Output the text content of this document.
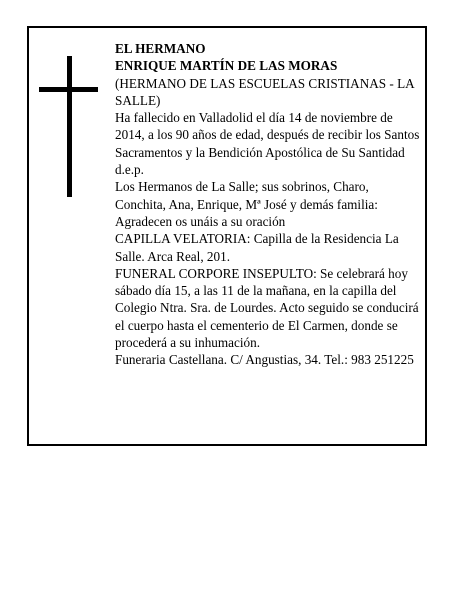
EL HERMANO

ENRIQUE MARTÍN DE LAS MORAS

(HERMANO DE LAS ESCUELAS CRISTIANAS - LA SALLE)

Ha fallecido en Valladolid el día 14 de noviembre de 2014, a los 90 años de edad, después de recibir los Santos Sacramentos y la Bendición Apostólica de Su Santidad

d.e.p.

Los Hermanos de La Salle; sus sobrinos, Charo, Conchita, Ana, Enrique, Mª José y demás familia:

Agradecen os unáis a su oración

CAPILLA VELATORIA: Capilla de la Residencia La Salle. Arca Real, 201.

FUNERAL CORPORE INSEPULTO: Se celebrará hoy sábado día 15, a las 11 de la mañana, en la capilla del Colegio Ntra. Sra. de Lourdes. Acto seguido se conducirá el cuerpo hasta el cementerio de El Carmen, donde se procederá a su inhumación.

Funeraria Castellana. C/ Angustias, 34. Tel.: 983 251225
